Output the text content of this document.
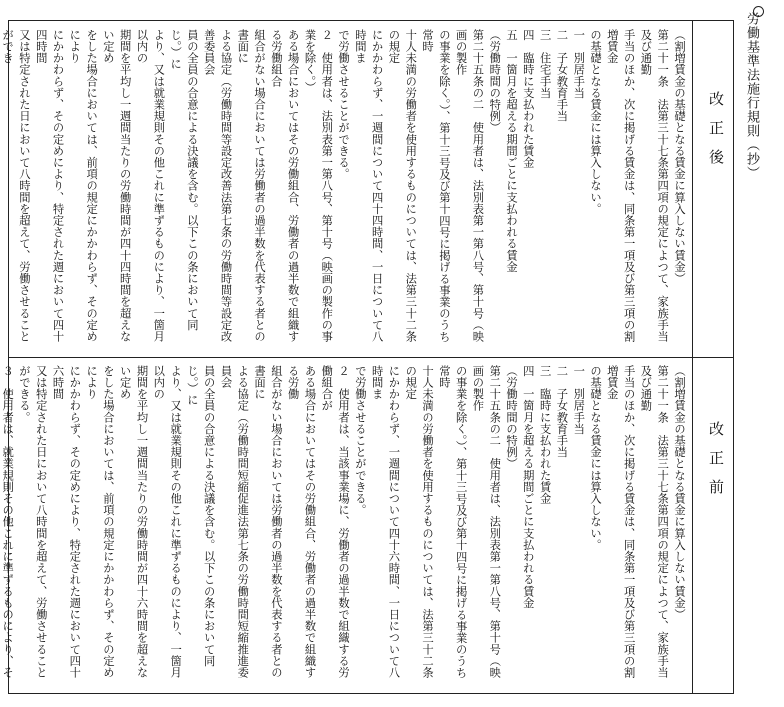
労働基準法施行規則（抄）
改正後
改正前

（割増賃金の基礎となる賃金に算入しない賃金）

第二十一条　法第三十七条第四項の規定によつて、家族手当及び通勤

手当のほか、次に掲げる賃金は、同条第一項及び第三項の割増賃金

の基礎となる賃金には算入しない。

一　別居手当

二　子女教育手当

三　住宅手当

四　臨時に支払われた賃金

五　一箇月を超える期間ごとに支払われる賃金

（労働時間の特例）

第二十五条の二　使用者は、法別表第一第八号、第十号（映画の製作

の事業を除く。）、第十三号及び第十四号に掲げる事業のうち常時

十人未満の労働者を使用するものについては、法第三十二条の規定

にかかわらず、一週間について四十四時間、一日について八時間ま

で労働させることができる。

２　使用者は、法別表第一第八号、第十号（映画の製作の事業を除く。）

ある場合においてはその労働組合、労働者の過半数で組織する労働組合

組合がない場合においては労働者の過半数を代表する者との書面に

よる協定（労働時間等設定改善法第七条の労働時間等設定改善委員会

員の全員の合意による決議を含む。以下この条において同じ。）に

より、又は就業規則その他これに準ずるものにより、一箇月以内の

期間を平均し一週間当たりの労働時間が四十四時間を超えない定め

をした場合においては、前項の規定にかかわらず、その定めにより

にかかわらず、その定めにより、特定された週において四十四時間

又は特定された日において八時間を超えて、労働させることができ

（割増賃金の基礎となる賃金に算入しない賃金）

第二十一条　法第三十七条第四項の規定によつて、家族手当及び通勤

手当のほか、次に掲げる賃金は、同条第一項及び第三項の割増賃金

の基礎となる賃金には算入しない。

一　別居手当

二　子女教育手当

三　臨時に支払われた賃金

四　一箇月を超える期間ごとに支払われる賃金

（労働時間の特例）

第二十五条の二　使用者は、法別表第一第八号、第十号（映画の製作

の事業を除く。）、第十三号及び第十四号に掲げる事業のうち常時

十人未満の労働者を使用するものについては、法第三十二条の規定

にかかわらず、一週間について四十六時間、一日について八時間ま

で労働させることができる。

２　使用者は、当該事業場に、労働者の過半数で組織する労働組合が

ある場合においてはその労働組合、労働者の過半数で組織する労働

組合がない場合においては労働者の過半数を代表する者との書面に

よる協定（労働時間短縮促進法第七条の労働時間短縮推進委員会

員の全員の合意による決議を含む。以下この条において同じ。）に

より、又は就業規則その他これに準ずるものにより、一箇月以内の

期間を平均し一週間当たりの労働時間が四十六時間を超えない定め

をした場合においては、前項の規定にかかわらず、その定めにより

にかかわらず、その定めにより、特定された週において四十六時間

又は特定された日において八時間を超えて、労働させることができる。

３　使用者は、就業規則その他これに準ずるものにより、そ
